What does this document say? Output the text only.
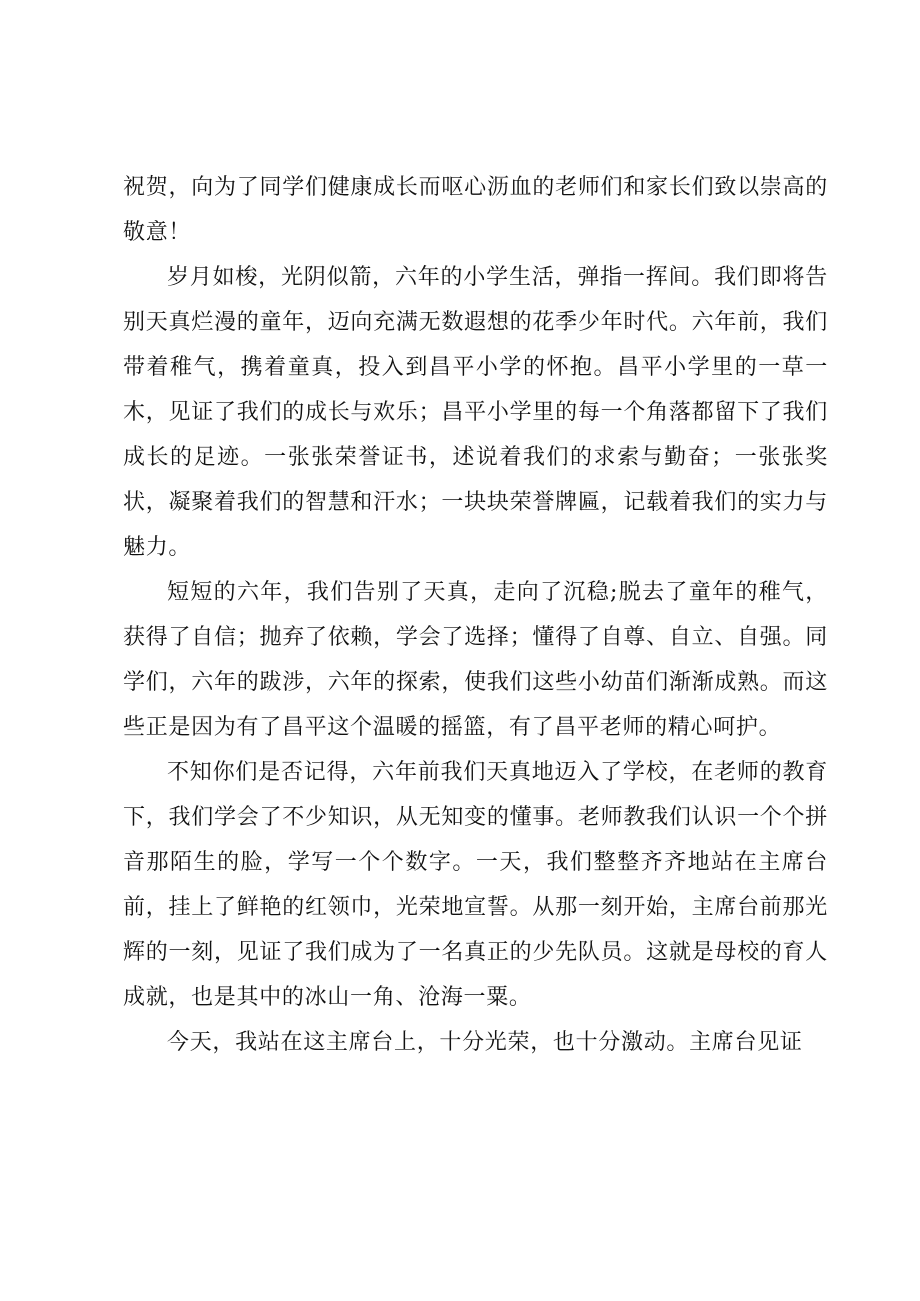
祝贺，向为了同学们健康成长而呕心沥血的老师们和家长们致以崇高的敬意！

岁月如梭，光阴似箭，六年的小学生活，弹指一挥间。我们即将告别天真烂漫的童年，迈向充满无数遐想的花季少年时代。六年前，我们带着稚气，携着童真，投入到昌平小学的怀抱。昌平小学里的一草一木，见证了我们的成长与欢乐；昌平小学里的每一个角落都留下了我们成长的足迹。一张张荣誉证书，述说着我们的求索与勤奋；一张张奖状，凝聚着我们的智慧和汗水；一块块荣誉牌匾，记载着我们的实力与魅力。

短短的六年，我们告别了天真，走向了沉稳;脱去了童年的稚气，获得了自信；抛弃了依赖，学会了选择；懂得了自尊、自立、自强。同学们，六年的跋涉，六年的探索，使我们这些小幼苗们渐渐成熟。而这些正是因为有了昌平这个温暖的摇篮，有了昌平老师的精心呵护。

不知你们是否记得，六年前我们天真地迈入了学校，在老师的教育下，我们学会了不少知识，从无知变的懂事。老师教我们认识一个个拼音那陌生的脸，学写一个个数字。一天，我们整整齐齐地站在主席台前，挂上了鲜艳的红领巾，光荣地宣誓。从那一刻开始，主席台前那光辉的一刻，见证了我们成为了一名真正的少先队员。这就是母校的育人成就，也是其中的冰山一角、沧海一粟。

今天，我站在这主席台上，十分光荣，也十分激动。主席台见证
